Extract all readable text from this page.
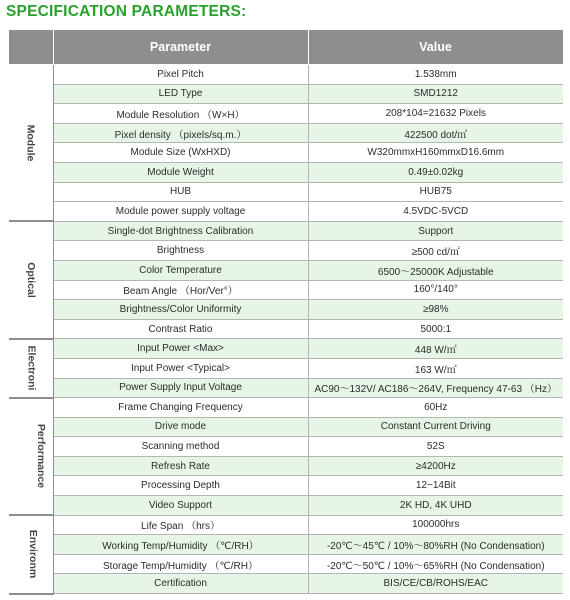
SPECIFICATION PARAMETERS:
	Parameter	Value
Module	Pixel Pitch	1.538mm
	LED Type	SMD1212
	Module Resolution （W×H）	208*104=21632 Pixels
	Pixel density （pixels/sq.m.）	422500 dot/㎡
	Module Size (WxHXD)	W320mmxH160mmxD16.6mm
	Module Weight	0.49±0.02kg
	HUB	HUB75
	Module power supply voltage	4.5VDC-5VCD
Optical	Single-dot Brightness Calibration	Support
	Brightness	≥500 cd/㎡
	Color Temperature	6500～25000K Adjustable
	Beam Angle （Hor/Ver°）	160°/140°
	Brightness/Color Uniformity	≥98%
	Contrast Ratio	5000:1
Electroni	Input Power <Max>	448 W/㎡
	Input Power <Typical>	163 W/㎡
	Power Supply Input Voltage	AC90～132V/ AC186～264V, Frequency 47-63 （Hz）
Performance	Frame Changing Frequency	60Hz
	Drive mode	Constant Current Driving
	Scanning method	52S
	Refresh Rate	≥4200Hz
	Processing Depth	12~14Bit
	Video Support	2K HD, 4K UHD
Environm	Life Span （hrs）	100000hrs
	Working Temp/Humidity （℃/RH）	-20℃～45℃ / 10%～80%RH (No Condensation)
	Storage Temp/Humidity （℃/RH）	-20℃～50℃ / 10%～65%RH (No Condensation)
	Certification	BIS/CE/CB/ROHS/EAC
